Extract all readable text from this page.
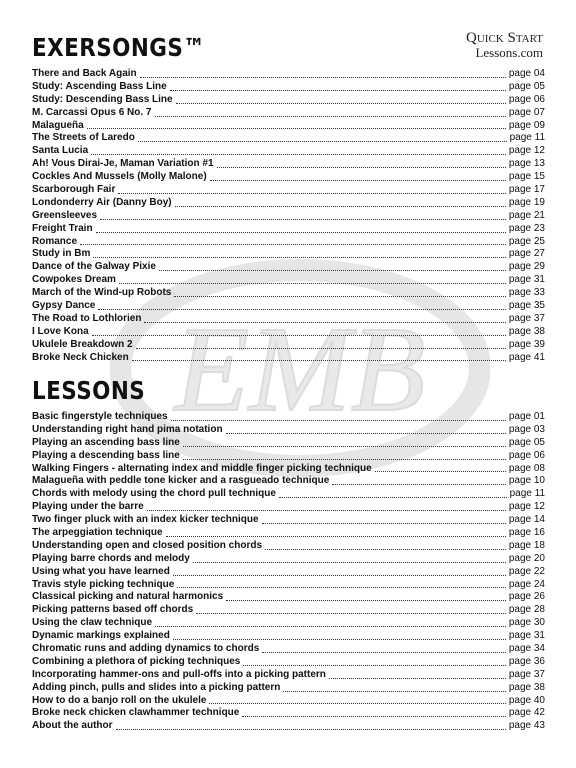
EMB
EXERSONGS™	Quick Start
Lessons.com
There and Back Again	page 04
Study: Ascending Bass Line	page 05
Study: Descending Bass Line	page 06
M. Carcassi Opus 6 No. 7	page 07
Malagueña	page 09
The Streets of Laredo	page 11
Santa Lucia	page 12
Ah! Vous Dirai-Je, Maman Variation #1	page 13
Cockles And Mussels (Molly Malone)	page 15
Scarborough Fair	page 17
Londonderry Air (Danny Boy)	page 19
Greensleeves	page 21
Freight Train	page 23
Romance	page 25
Study in Bm	page 27
Dance of the Galway Pixie	page 29
Cowpokes Dream	page 31
March of the Wind-up Robots	page 33
Gypsy Dance	page 35
The Road to Lothlorien	page 37
I Love Kona	page 38
Ukulele Breakdown 2	page 39
Broke Neck Chicken	page 41
LESSONS
Basic fingerstyle techniques	page 01
Understanding right hand pima notation	page 03
Playing an ascending bass line	page 05
Playing a descending bass line	page 06
Walking Fingers - alternating index and middle finger picking technique	page 08
Malagueña with peddle tone kicker and a rasgueado technique	page 10
Chords with melody using the chord pull technique	page 11
Playing under the barre	page 12
Two finger pluck with an index kicker technique	page 14
The arpeggiation technique	page 16
Understanding open and closed position chords	page 18
Playing barre chords and melody	page 20
Using what you have learned	page 22
Travis style picking technique	page 24
Classical picking and natural harmonics	page 26
Picking patterns based off chords	page 28
Using the claw technique	page 30
Dynamic markings explained	page 31
Chromatic runs and adding dynamics to chords	page 34
Combining a plethora of picking techniques	page 36
Incorporating hammer-ons and pull-offs into a picking pattern	page 37
Adding pinch, pulls and slides into a picking pattern	page 38
How to do a banjo roll on the ukulele	page 40
Broke neck chicken clawhammer technique	page 42
About the author	page 43
